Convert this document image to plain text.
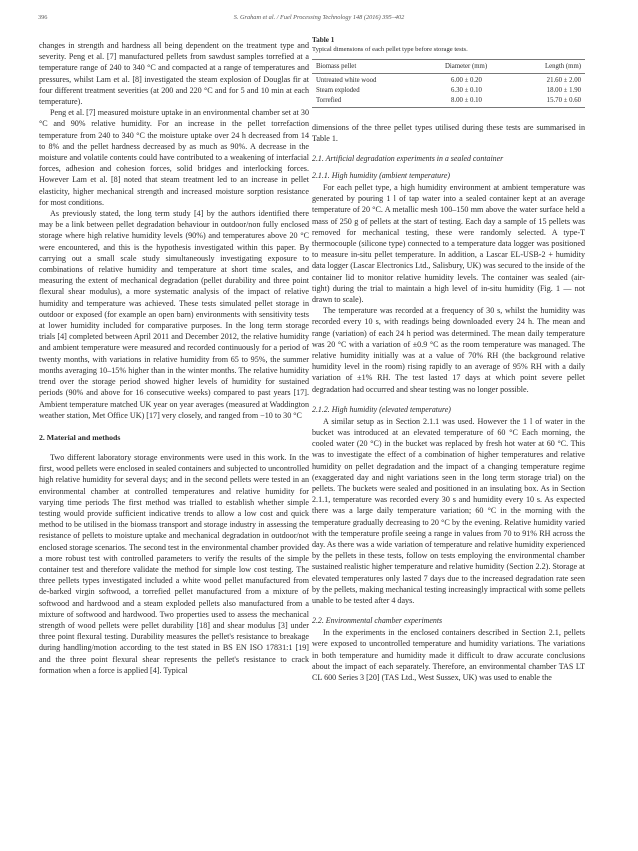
396	S. Graham et al. / Fuel Processing Technology 148 (2016) 395–402

changes in strength and hardness all being dependent on the treatment type and severity. Peng et al. [7] manufactured pellets from sawdust samples torrefied at a temperature range of 240 to 340 °C and compacted at a range of temperatures and pressures, whilst Lam et al. [8] investigated the steam explosion of Douglas fir at four different treatment severities (at 200 and 220 °C and for 5 and 10 min at each temperature).

Peng et al. [7] measured moisture uptake in an environmental chamber set at 30 °C and 90% relative humidity. For an increase in the pellet torrefaction temperature from 240 to 340 °C the moisture uptake over 24 h decreased from 14 to 8% and the pellet hardness decreased by as much as 90%. A decrease in the moisture and volatile contents could have contributed to a weakening of interfacial forces, adhesion and cohesion forces, solid bridges and interlocking forces. However Lam et al. [8] noted that steam treatment led to an increase in pellet elasticity, higher mechanical strength and increased moisture sorption resistance for most conditions.

As previously stated, the long term study [4] by the authors identified there may be a link between pellet degradation behaviour in outdoor/non fully enclosed storage where high relative humidity levels (90%) and temperatures above 20 °C were encountered, and this is the hypothesis investigated within this paper. By carrying out a small scale study simultaneously investigating exposure to combinations of relative humidity and temperature at short time scales, and measuring the extent of mechanical degradation (pellet durability and three point flexural shear modulus), a more systematic analysis of the impact of relative humidity and temperature was achieved. These tests simulated pellet storage in outdoor or exposed (for example an open barn) environments with sensitivity tests at lower humidity included for comparative purposes. In the long term storage trials [4] completed between April 2011 and December 2012, the relative humidity and ambient temperature were measured and recorded continuously for a period of twenty months, with variations in relative humidity from 65 to 95%, the summer months averaging 10–15% higher than in the winter months. The relative humidity trend over the storage period showed higher levels of humidity for sustained periods (90% and above for 16 consecutive weeks) compared to past years [17]. Ambient temperature matched UK year on year averages (measured at Waddington weather station, Met Office UK) [17] very closely, and ranged from −10 to 30 °C

2. Material and methods

Two different laboratory storage environments were used in this work. In the first, wood pellets were enclosed in sealed containers and subjected to uncontrolled high relative humidity for several days; and in the second pellets were tested in an environmental chamber at controlled temperatures and relative humidity for varying time periods The first method was trialled to establish whether simple testing would provide sufficient indicative trends to allow a low cost and quick method to be utilised in the biomass transport and storage industry in assessing the resistance of pellets to moisture uptake and mechanical degradation in outdoor/not enclosed storage scenarios. The second test in the environmental chamber provided a more robust test with controlled parameters to verify the results of the simple container test and therefore validate the method for simple low cost testing. The three pellets types investigated included a white wood pellet manufactured from de-barked virgin softwood, a torrefied pellet manufactured from a mixture of softwood and hardwood and a steam exploded pellets also manufactured from a mixture of softwood and hardwood. Two properties used to assess the mechanical strength of wood pellets were pellet durability [18] and shear modulus [3] under three point flexural testing. Durability measures the pellet's resistance to breakage during handling/motion according to the test stated in BS EN ISO 17831:1 [19] and the three point flexural shear represents the pellet's resistance to crack formation when a force is applied [4]. Typical

Table 1
Typical dimensions of each pellet type before storage tests.
Biomass pellet	Diameter (mm)	Length (mm)
Untreated white wood	6.00 ± 0.20	21.60 ± 2.00
Steam exploded	6.30 ± 0.10	18.00 ± 1.90
Torrefied	8.00 ± 0.10	15.70 ± 0.60

dimensions of the three pellet types utilised during these tests are summarised in Table 1.

2.1. Artificial degradation experiments in a sealed container
2.1.1. High humidity (ambient temperature)

For each pellet type, a high humidity environment at ambient temperature was generated by pouring 1 l of tap water into a sealed container kept at an average temperature of 20 °C. A metallic mesh 100–150 mm above the water surface held a mass of 250 g of pellets at the start of testing. Each day a sample of 15 pellets was removed for mechanical testing, these were randomly selected. A type-T thermocouple (silicone type) connected to a temperature data logger was positioned to measure in-situ pellet temperature. In addition, a Lascar EL-USB-2 + humidity data logger (Lascar Electronics Ltd., Salisbury, UK) was secured to the inside of the container lid to monitor relative humidity levels. The container was sealed (air-tight) during the trial to maintain a high level of in-situ humidity (Fig. 1 — not drawn to scale).

The temperature was recorded at a frequency of 30 s, whilst the humidity was recorded every 10 s, with readings being downloaded every 24 h. The mean and range (variation) of each 24 h period was determined. The mean daily temperature was 20 °C with a variation of ±0.9 °C as the room temperature was managed. The relative humidity initially was at a value of 70% RH (the background relative humidity level in the room) rising rapidly to an average of 95% RH with a daily variation of ±1% RH. The test lasted 17 days at which point severe pellet degradation had occurred and shear testing was no longer possible.

2.1.2. High humidity (elevated temperature)

A similar setup as in Section 2.1.1 was used. However the 1 l of water in the bucket was introduced at an elevated temperature of 60 °C Each morning, the cooled water (20 °C) in the bucket was replaced by fresh hot water at 60 °C. This was to investigate the effect of a combination of higher temperatures and relative humidity on pellet degradation and the impact of a changing temperature regime (exaggerated day and night variations seen in the long term storage trial) on the pellets. The buckets were sealed and positioned in an insulating box. As in Section 2.1.1, temperature was recorded every 30 s and humidity every 10 s. As expected there was a large daily temperature variation; 60 °C in the morning with the temperature gradually decreasing to 20 °C by the evening. Relative humidity varied with the temperature profile seeing a range in values from 70 to 91% RH across the day. As there was a wide variation of temperature and relative humidity experienced by the pellets in these tests, follow on tests employing the environmental chamber sustained realistic higher temperature and relative humidity (Section 2.2). Storage at elevated temperatures only lasted 7 days due to the increased degradation rate seen by the pellets, making mechanical testing increasingly impractical with some pellets unable to be tested after 4 days.

2.2. Environmental chamber experiments

In the experiments in the enclosed containers described in Section 2.1, pellets were exposed to uncontrolled temperature and humidity variations. The variations in both temperature and humidity made it difficult to draw accurate conclusions about the impact of each separately. Therefore, an environmental chamber TAS LT CL 600 Series 3 [20] (TAS Ltd., West Sussex, UK) was used to enable the
